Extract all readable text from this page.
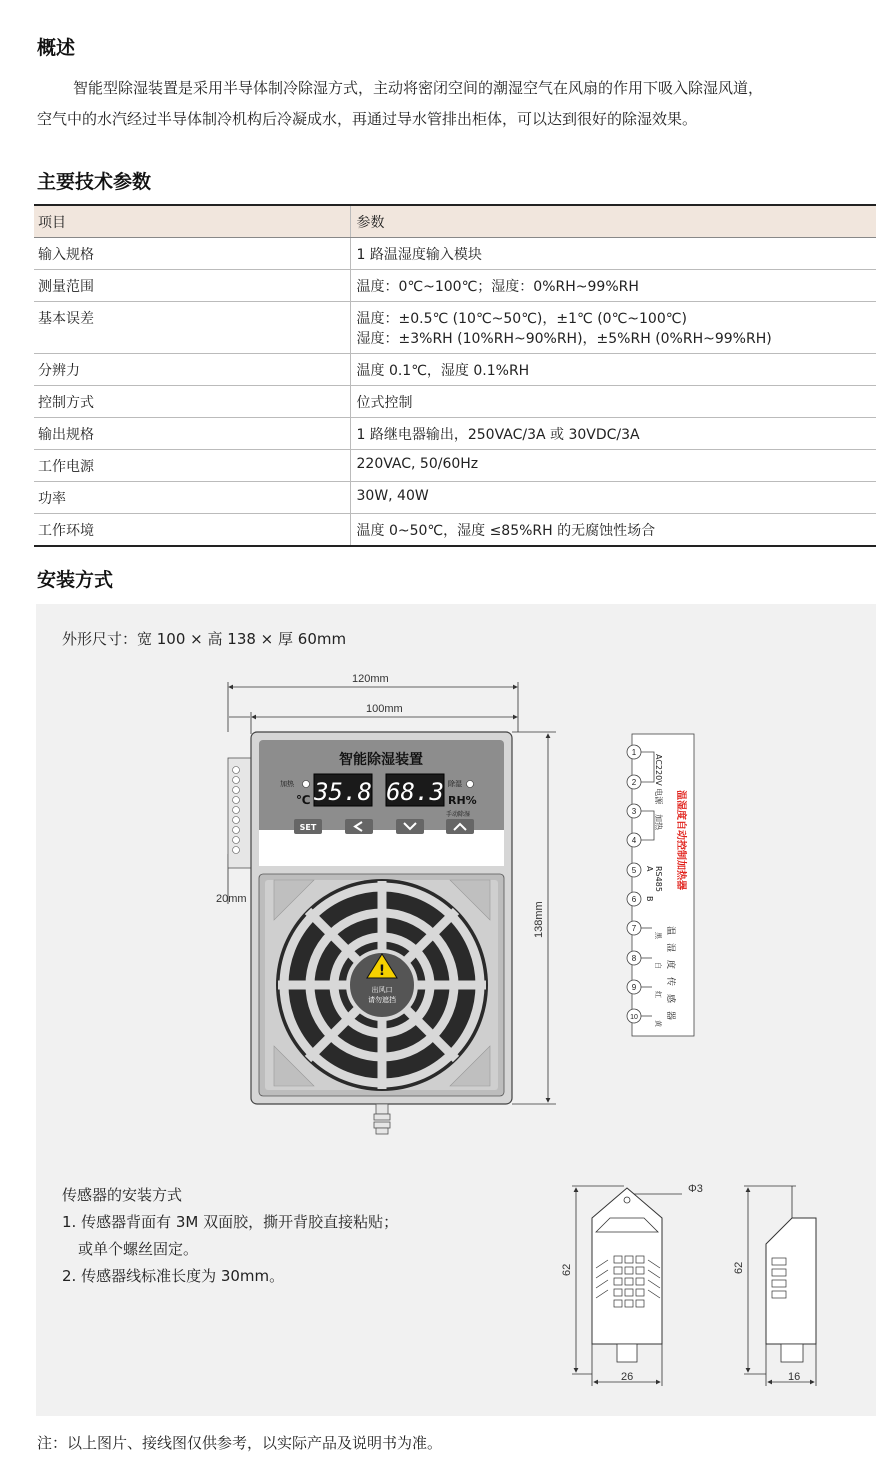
概述
智能型除湿装置是采用半导体制冷除湿方式，主动将密闭空间的潮湿空气在风扇的作用下吸入除湿风道，
空气中的水汽经过半导体制冷机构后冷凝成水，再通过导水管排出柜体，可以达到很好的除湿效果。
主要技术参数
项目	参数
输入规格	1 路温湿度输入模块
测量范围	温度：0℃~100℃；湿度：0%RH~99%RH
基本误差	温度：±0.5℃ (10℃~50℃)，±1℃ (0℃~100℃)
湿度：±3%RH (10%RH~90%RH)，±5%RH (0%RH~99%RH)

分辨力	温度 0.1℃，湿度 0.1%RH
控制方式	位式控制
输出规格	1 路继电器输出，250VAC/3A 或 30VDC/3A
工作电源	220VAC, 50/60Hz
功率	30W, 40W
工作环境	温度 0~50℃，湿度 ≤85%RH 的无腐蚀性场合
安装方式
外形尺寸：宽 100 × 高 138 × 厚 60mm
120mm
100mm
20mm
138mm
智能除湿装置
35.8 68.3
加热
℃
除湿
RH%
手动除湿
SET
!
出风口
请勿遮挡
1
2
3
4
5
6
7
8
9
10
AC220V 电源
加热
A RS485
B
黑
白
红
黄 温湿度传感器
温湿度自动控制加热器
Φ3
62
26
62
16
传感器的安装方式
1. 传感器背面有 3M 双面胶，撕开背胶直接粘贴；
或单个螺丝固定。
2. 传感器线标准长度为 30mm。
注：以上图片、接线图仅供参考，以实际产品及说明书为准。
